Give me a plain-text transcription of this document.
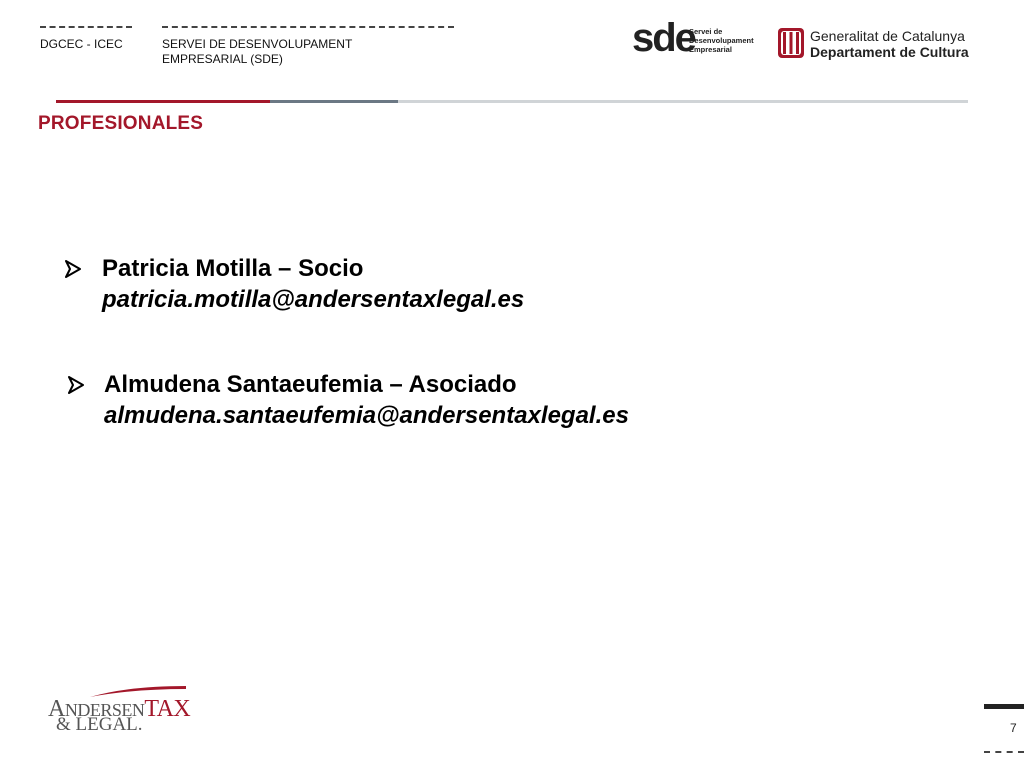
DGCEC - ICEC	SERVEI DE DESENVOLUPAMENT
EMPRESARIAL (SDE)	sde
Servei de
Desenvolupament
Empresarial
Generalitat de Catalunya
Departament de Cultura
PROFESIONALES
Patricia Motilla – Socio
patricia.motilla@andersentaxlegal.es
Almudena Santaeufemia – Asociado
almudena.santaeufemia@andersentaxlegal.es
ANDERSENTAX
& LEGAL.	7
